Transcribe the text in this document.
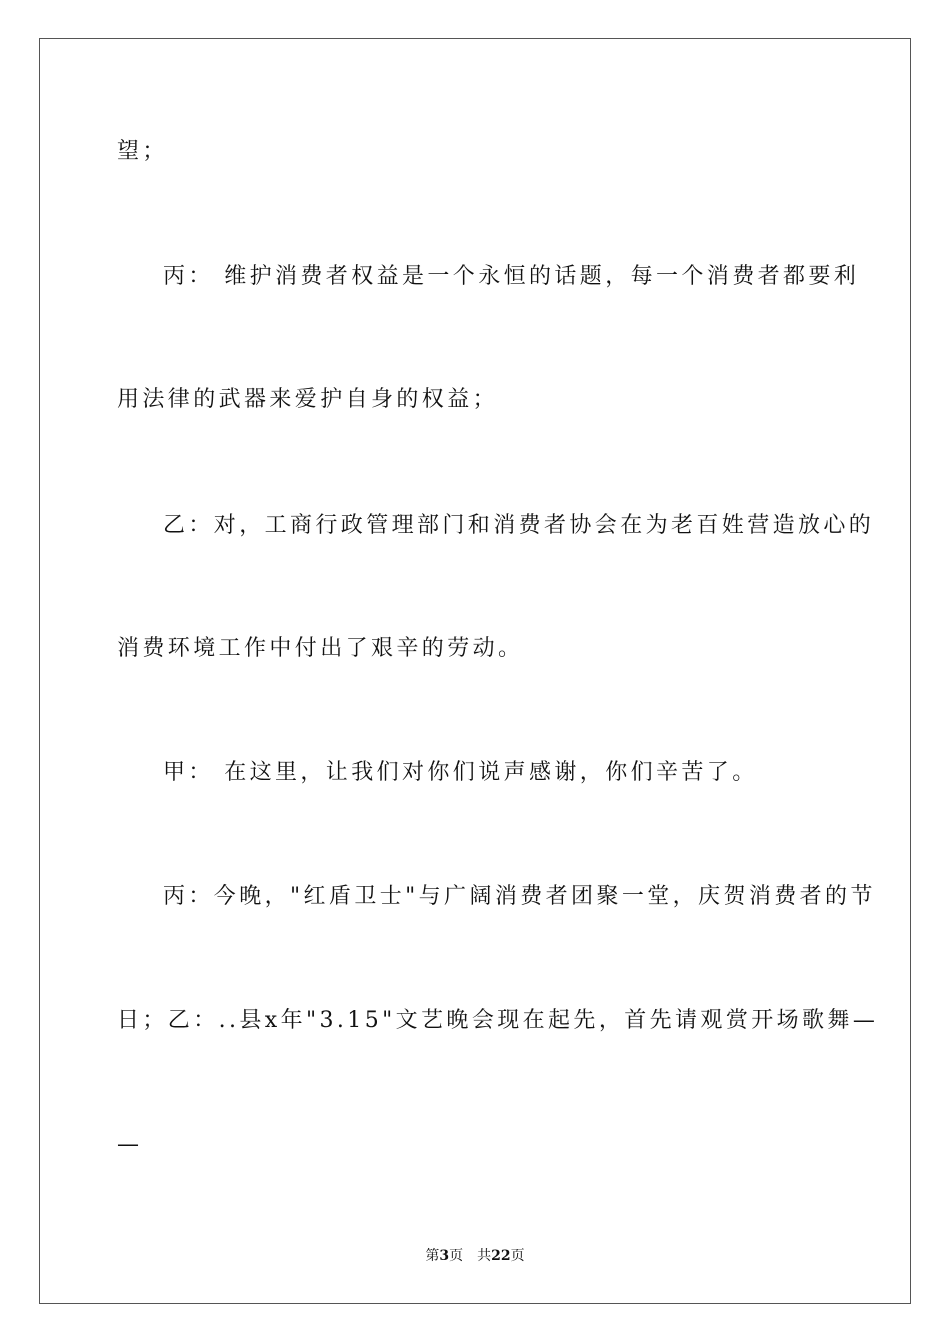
望；
丙： 维护消费者权益是一个永恒的话题，每一个消费者都要利
用法律的武器来爱护自身的权益；
乙：对，工商行政管理部门和消费者协会在为老百姓营造放心的
消费环境工作中付出了艰辛的劳动。
甲： 在这里，让我们对你们说声感谢，你们辛苦了。
丙：今晚，"红盾卫士"与广阔消费者团聚一堂，庆贺消费者的节
日；乙：..县x年"3.15"文艺晚会现在起先，首先请观赏开场歌舞—
—
第3页 共22页
